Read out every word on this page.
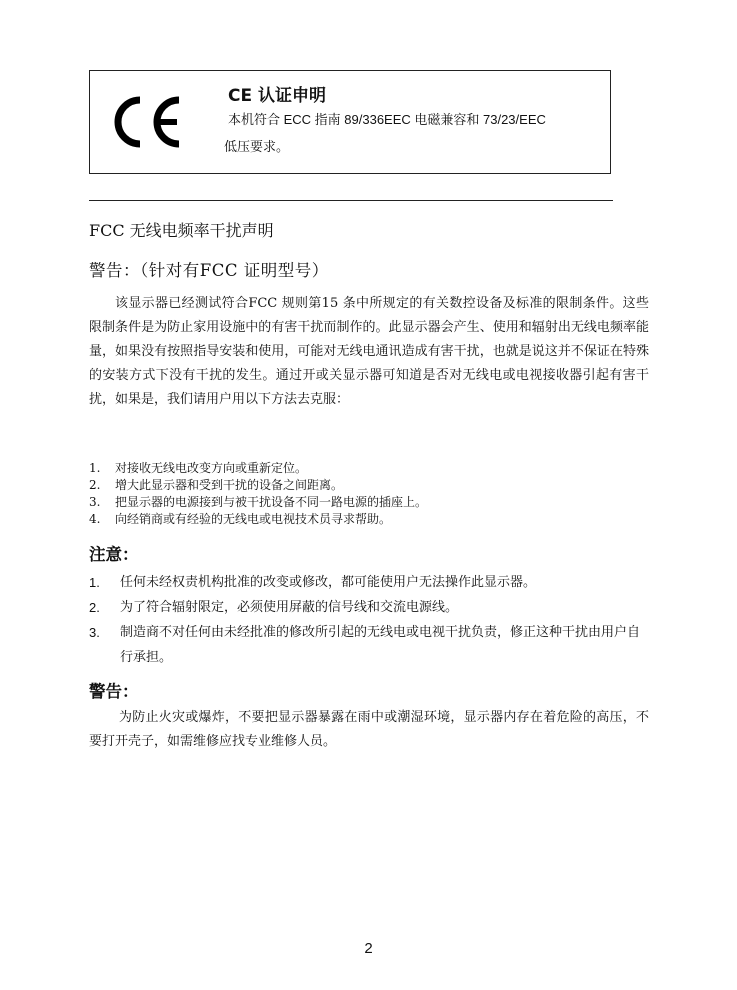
CE 认证申明
本机符合 ECC 指南 89/336EEC 电磁兼容和 73/23/EEC
低压要求。
FCC 无线电频率干扰声明
警告：（针对有FCC 证明型号）

该显示器已经测试符合FCC 规则第15 条中所规定的有关数控设备及标准的限制条件。这些限制条件是为防止家用设施中的有害干扰而制作的。此显示器会产生、使用和辐射出无线电频率能量，如果没有按照指导安装和使用，可能对无线电通讯造成有害干扰，也就是说这并不保证在特殊的安装方式下没有干扰的发生。通过开或关显示器可知道是否对无线电或电视接收器引起有害干扰，如果是，我们请用户用以下方法去克服：

1. 对接收无线电改变方向或重新定位。
2. 增大此显示器和受到干扰的设备之间距离。
3. 把显示器的电源接到与被干扰设备不同一路电源的插座上。
4. 向经销商或有经验的无线电或电视技术员寻求帮助。
注意：
1. 任何未经权责机构批准的改变或修改，都可能使用户无法操作此显示器。
2. 为了符合辐射限定，必须使用屏蔽的信号线和交流电源线。
3. 制造商不对任何由未经批准的修改所引起的无线电或电视干扰负责，修正这种干扰由用户自行承担。
警告：

为防止火灾或爆炸，不要把显示器暴露在雨中或潮湿环境，显示器内存在着危险的高压，不要打开壳子，如需维修应找专业维修人员。

2
